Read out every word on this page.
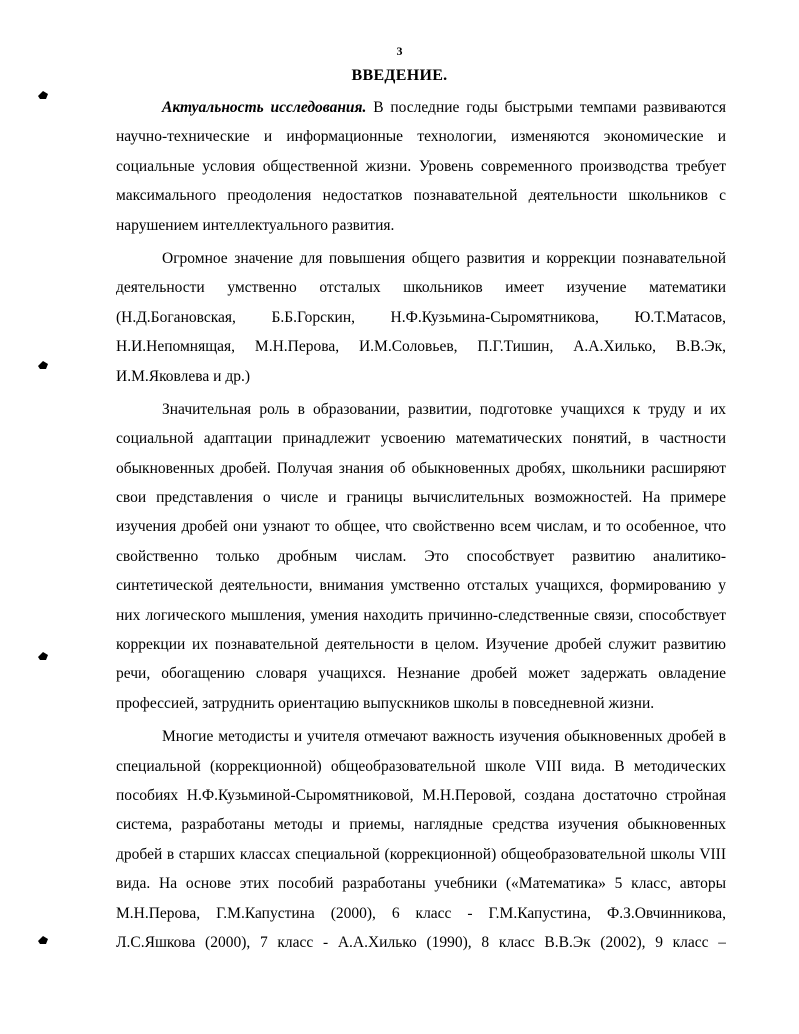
3
ВВЕДЕНИЕ.
Актуальность исследования. В последние годы быстрыми темпами развиваются
научно-технические и информационные технологии, изменяются экономические и
социальные условия общественной жизни. Уровень современного производства требует
максимального преодоления недостатков познавательной деятельности школьников с
нарушением интеллектуального развития.
Огромное значение для повышения общего развития и коррекции познавательной
деятельности умственно отсталых школьников имеет изучение математики
(Н.Д.Богановская, Б.Б.Горскин, Н.Ф.Кузьмина-Сыромятникова, Ю.Т.Матасов,
Н.И.Непомнящая, М.Н.Перова, И.М.Соловьев, П.Г.Тишин, А.А.Хилько, В.В.Эк,
И.М.Яковлева и др.)
Значительная роль в образовании, развитии, подготовке учащихся к труду и их
социальной адаптации принадлежит усвоению математических понятий, в частности
обыкновенных дробей. Получая знания об обыкновенных дробях, школьники расширяют
свои представления о числе и границы вычислительных возможностей. На примере
изучения дробей они узнают то общее, что свойственно всем числам, и то особенное, что
свойственно только дробным числам. Это способствует развитию аналитико-
синтетической деятельности, внимания умственно отсталых учащихся, формированию у
них логического мышления, умения находить причинно-следственные связи, способствует
коррекции их познавательной деятельности в целом. Изучение дробей служит развитию
речи, обогащению словаря учащихся. Незнание дробей может задержать овладение
профессией, затруднить ориентацию выпускников школы в повседневной жизни.
Многие методисты и учителя отмечают важность изучения обыкновенных дробей в
специальной (коррекционной) общеобразовательной школе VIII вида. В методических
пособиях Н.Ф.Кузьминой-Сыромятниковой, М.Н.Перовой, создана достаточно стройная
система, разработаны методы и приемы, наглядные средства изучения обыкновенных
дробей в старших классах специальной (коррекционной) общеобразовательной школы VIII
вида. На основе этих пособий разработаны учебники («Математика» 5 класс, авторы
М.Н.Перова, Г.М.Капустина (2000), 6 класс - Г.М.Капустина, Ф.З.Овчинникова,
Л.С.Яшкова (2000), 7 класс - А.А.Хилько (1990), 8 класс В.В.Эк (2002), 9 класс –
